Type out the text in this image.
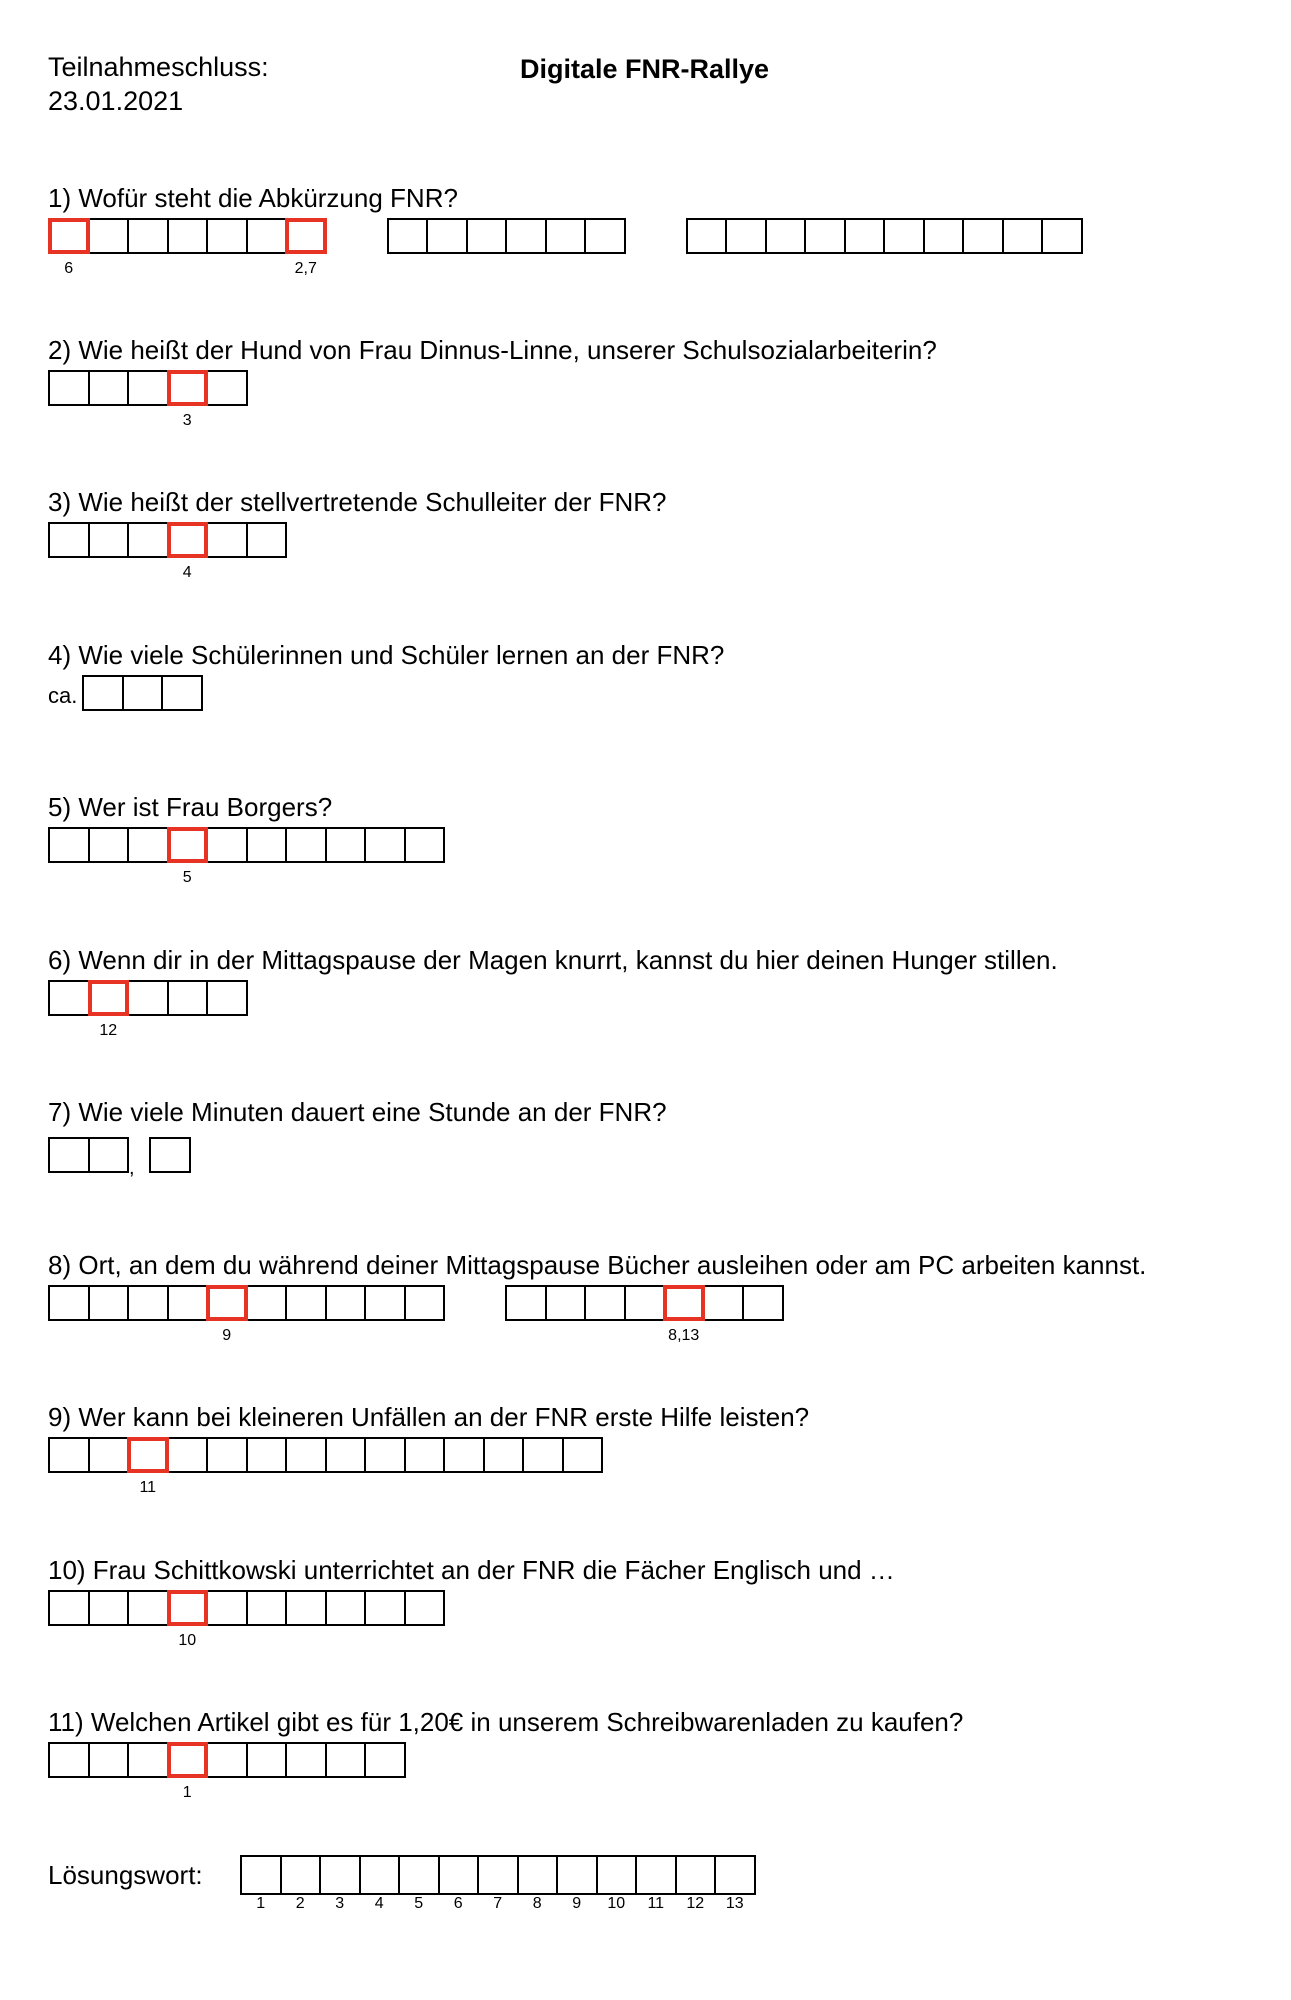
Teilnahmeschluss:
23.01.2021
Digitale FNR-Rallye
1) Wofür steht die Abkürzung FNR?
6	2,7
2) Wie heißt der Hund von Frau Dinnus-Linne, unserer Schulsozialarbeiterin?
3
3) Wie heißt der stellvertretende Schulleiter der FNR?
4
4) Wie viele Schülerinnen und Schüler lernen an der FNR?
ca.
5) Wer ist Frau Borgers?
5
6) Wenn dir in der Mittagspause der Magen knurrt, kannst du hier deinen Hunger stillen.
12
7) Wie viele Minuten dauert eine Stunde an der FNR?
,
8) Ort, an dem du während deiner Mittagspause Bücher ausleihen oder am PC arbeiten kannst.
9	8,13
9) Wer kann bei kleineren Unfällen an der FNR erste Hilfe leisten?
11
10) Frau Schittkowski unterrichtet an der FNR die Fächer Englisch und …
10
11) Welchen Artikel gibt es für 1,20€ in unserem Schreibwarenladen zu kaufen?
1
Lösungswort:
1	2	3	4	5	6	7	8	9	10	11	12	13
